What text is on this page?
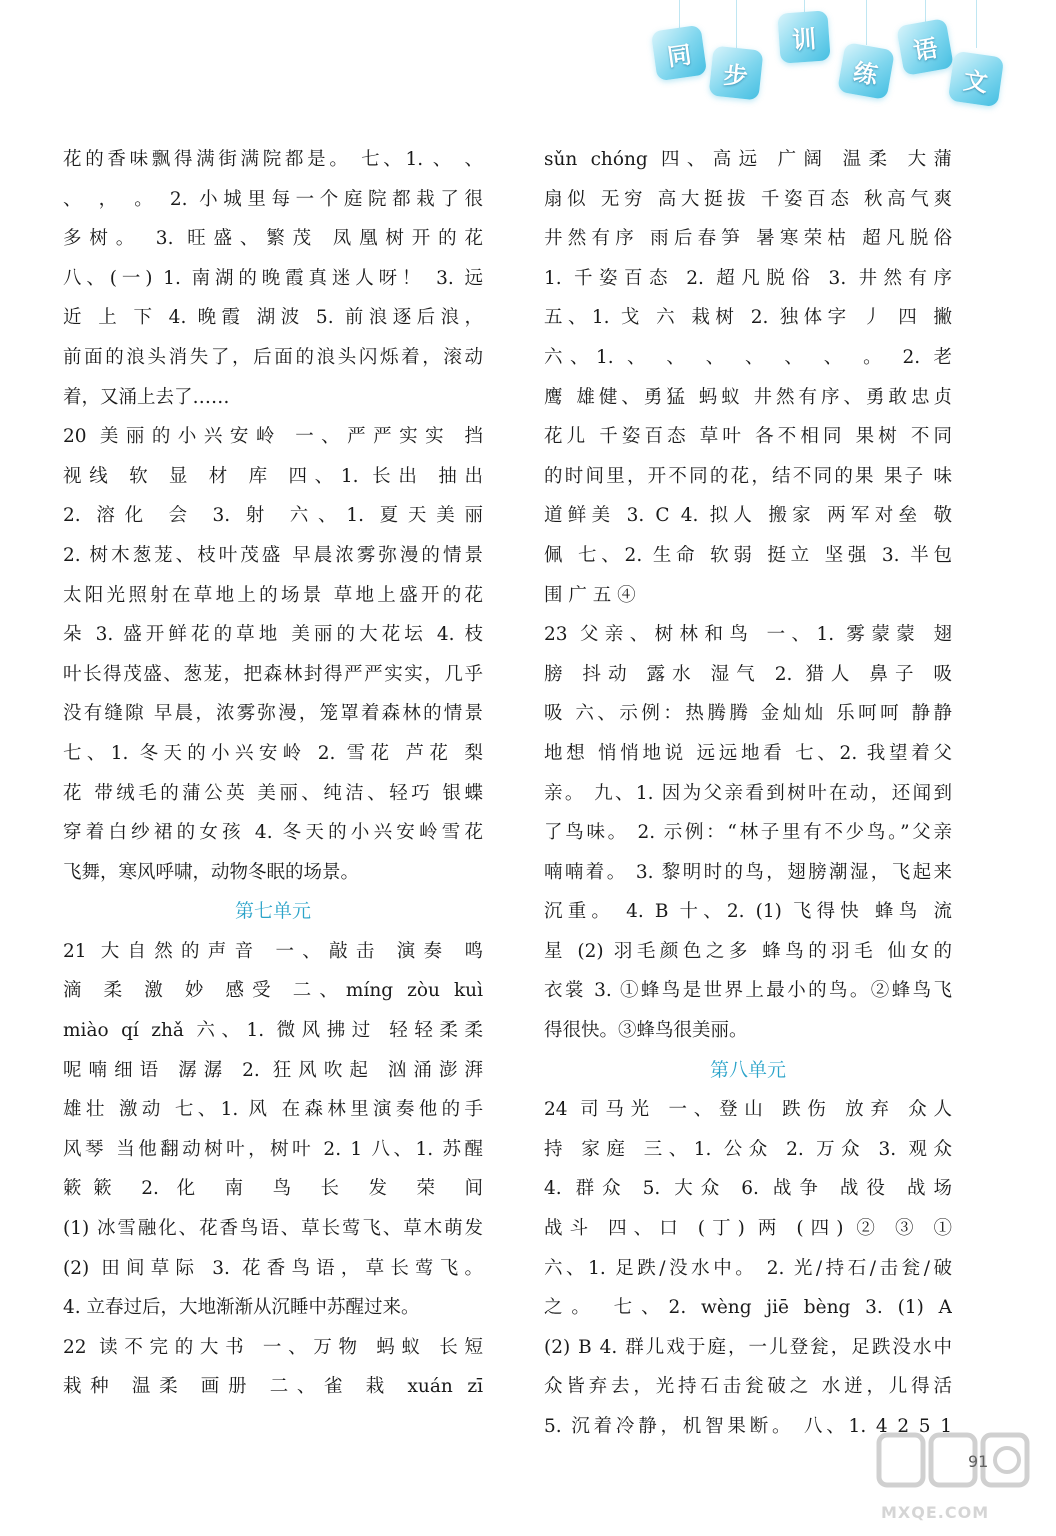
同
步
训
练
语
文
花的香味飘得满街满院都是。 七、1. 、 、
、 ， 。 2. 小城里每一个庭院都栽了很
多树。 3. 旺盛、繁茂 凤凰树开的花
八、(一) 1. 南湖的晚霞真迷人呀！ 3. 远
近 上 下 4. 晚霞 湖波 5. 前浪逐后浪，
前面的浪头消失了，后面的浪头闪烁着，滚动
着，又涌上去了……
20 美丽的小兴安岭 一、严严实实 挡
视线 软 显 材 库 四、1. 长出 抽出
2. 溶化 会 3. 射 六、1. 夏天美丽
2. 树木葱茏、枝叶茂盛 早晨浓雾弥漫的情景
太阳光照射在草地上的场景 草地上盛开的花
朵 3. 盛开鲜花的草地 美丽的大花坛 4. 枝
叶长得茂盛、葱茏，把森林封得严严实实，几乎
没有缝隙 早晨，浓雾弥漫，笼罩着森林的情景
七、1. 冬天的小兴安岭 2. 雪花 芦花 梨
花 带绒毛的蒲公英 美丽、纯洁、轻巧 银蝶
穿着白纱裙的女孩 4. 冬天的小兴安岭雪花
飞舞，寒风呼啸，动物冬眠的场景。
第七单元
21 大自然的声音 一、敲击 演奏 鸣
滴 柔 激 妙 感受 二、míng zòu kuì
miào qí zhǎ 六、1. 微风拂过 轻轻柔柔
呢喃细语 潺潺 2. 狂风吹起 汹涌澎湃
雄壮 激动 七、1. 风 在森林里演奏他的手
风琴 当他翻动树叶，树叶 2. 1 八、1. 苏醒
簌簌 2. 化 南 鸟 长 发 荣 间
(1) 冰雪融化、花香鸟语、草长莺飞、草木萌发
(2) 田间草际 3. 花香鸟语，草长莺飞。
4. 立春过后，大地渐渐从沉睡中苏醒过来。
22 读不完的大书 一、万物 蚂蚁 长短
栽种 温柔 画册 二、雀 栽 xuán zī
sǔn chóng 四、高远 广阔 温柔 大蒲
扇似 无穷 高大挺拔 千姿百态 秋高气爽
井然有序 雨后春笋 暑寒荣枯 超凡脱俗
1. 千姿百态 2. 超凡脱俗 3. 井然有序
五、1. 戈 六 栽树 2. 独体字 丿 四 撇
六、1. 、 、 、 、 、 、 。 2. 老
鹰 雄健、勇猛 蚂蚁 井然有序、勇敢忠贞
花儿 千姿百态 草叶 各不相同 果树 不同
的时间里，开不同的花，结不同的果 果子 味
道鲜美 3. C 4. 拟人 搬家 两军对垒 敬
佩 七、2. 生命 软弱 挺立 坚强 3. 半包
围 广 五 ④
23 父亲、树林和鸟 一、1. 雾蒙蒙 翅
膀 抖动 露水 湿气 2. 猎人 鼻子 吸
吸 六、示例：热腾腾 金灿灿 乐呵呵 静静
地想 悄悄地说 远远地看 七、2. 我望着父
亲。 九、1. 因为父亲看到树叶在动，还闻到
了鸟味。 2. 示例：“林子里有不少鸟。”父亲
喃喃着。 3. 黎明时的鸟，翅膀潮湿，飞起来
沉重。 4. B 十、2. (1) 飞得快 蜂鸟 流
星 (2) 羽毛颜色之多 蜂鸟的羽毛 仙女的
衣裳 3. ①蜂鸟是世界上最小的鸟。②蜂鸟飞
得很快。③蜂鸟很美丽。
第八单元
24 司马光 一、登山 跌伤 放弃 众人
持 家庭 三、1. 公众 2. 万众 3. 观众
4. 群众 5. 大众 6. 战争 战役 战场
战斗 四、口 (丁) 两 (四) ② ③ ①
六、1. 足跌/没水中。 2. 光/持石/击瓮/破
之。 七、2. wèng jiē bèng 3. (1) A
(2) B 4. 群儿戏于庭，一儿登瓮，足跌没水中
众皆弃去，光持石击瓮破之 水迸，儿得活
5. 沉着冷静，机智果断。 八、1. 4 2 5 1
91
MXQE.COM
